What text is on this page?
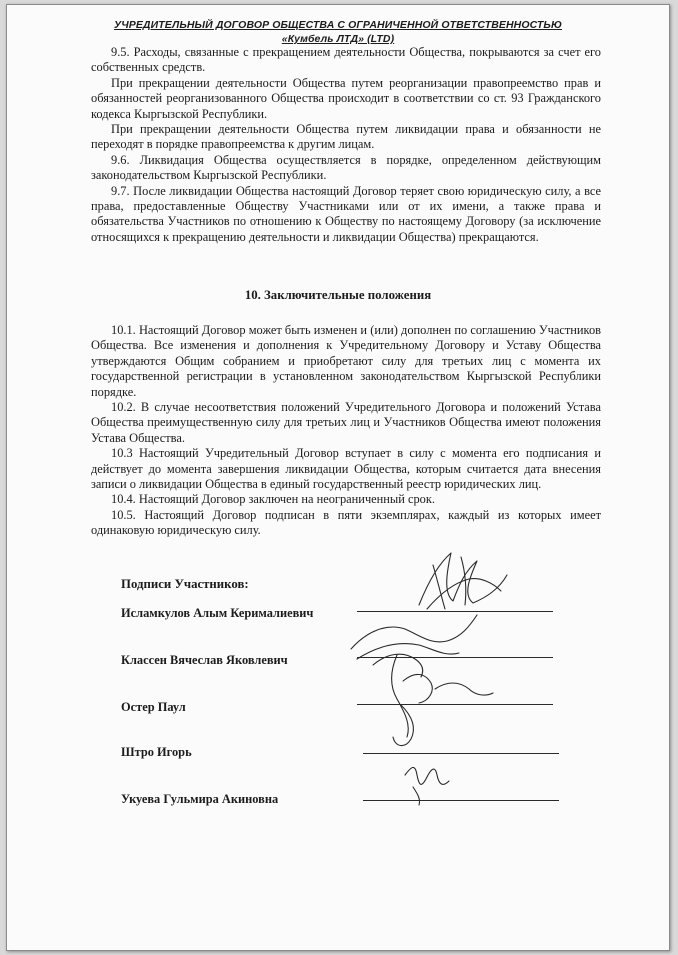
УЧРЕДИТЕЛЬНЫЙ ДОГОВОР ОБЩЕСТВА С ОГРАНИЧЕННОЙ ОТВЕТСТВЕННОСТЬЮ
«Кумбель ЛТД» (LTD)

9.5. Расходы, связанные с прекращением деятельности Общества, покрываются за счет его собственных средств.

При прекращении деятельности Общества путем реорганизации правопреемство прав и обязанностей реорганизованного Общества происходит в соответствии со ст. 93 Гражданского кодекса Кыргызской Республики.

При прекращении деятельности Общества путем ликвидации права и обязанности не переходят в порядке правопреемства к другим лицам.

9.6. Ликвидация Общества осуществляется в порядке, определенном действующим законодательством Кыргызской Республики.

9.7. После ликвидации Общества настоящий Договор теряет свою юридическую силу, а все права, предоставленные Обществу Участниками или от их имени, а также права и обязательства Участников по отношению к Обществу по настоящему Договору (за исключение относящихся к прекращению деятельности и ликвидации Общества) прекращаются.

10. Заключительные положения

10.1. Настоящий Договор может быть изменен и (или) дополнен по соглашению Участников Общества. Все изменения и дополнения к Учредительному Договору и Уставу Общества утверждаются Общим собранием и приобретают силу для третьих лиц с момента их государственной регистрации в установленном законодательством Кыргызской Республики порядке.

10.2. В случае несоответствия положений Учредительного Договора и положений Устава Общества преимущественную силу для третьих лиц и Участников Общества имеют положения Устава Общества.

10.3 Настоящий Учредительный Договор вступает в силу с момента его подписания и действует до момента завершения ликвидации Общества, которым считается дата внесения записи о ликвидации Общества в единый государственный реестр юридических лиц.

10.4. Настоящий Договор заключен на неограниченный срок.

10.5. Настоящий Договор подписан в пяти экземплярах, каждый из которых имеет одинаковую юридическую силу.

Подписи Участников:
Исламкулов Алым Керималиевич
Классен Вячеслав Яковлевич
Остер Паул
Штро Игорь
Укуева Гульмира Акиновна
